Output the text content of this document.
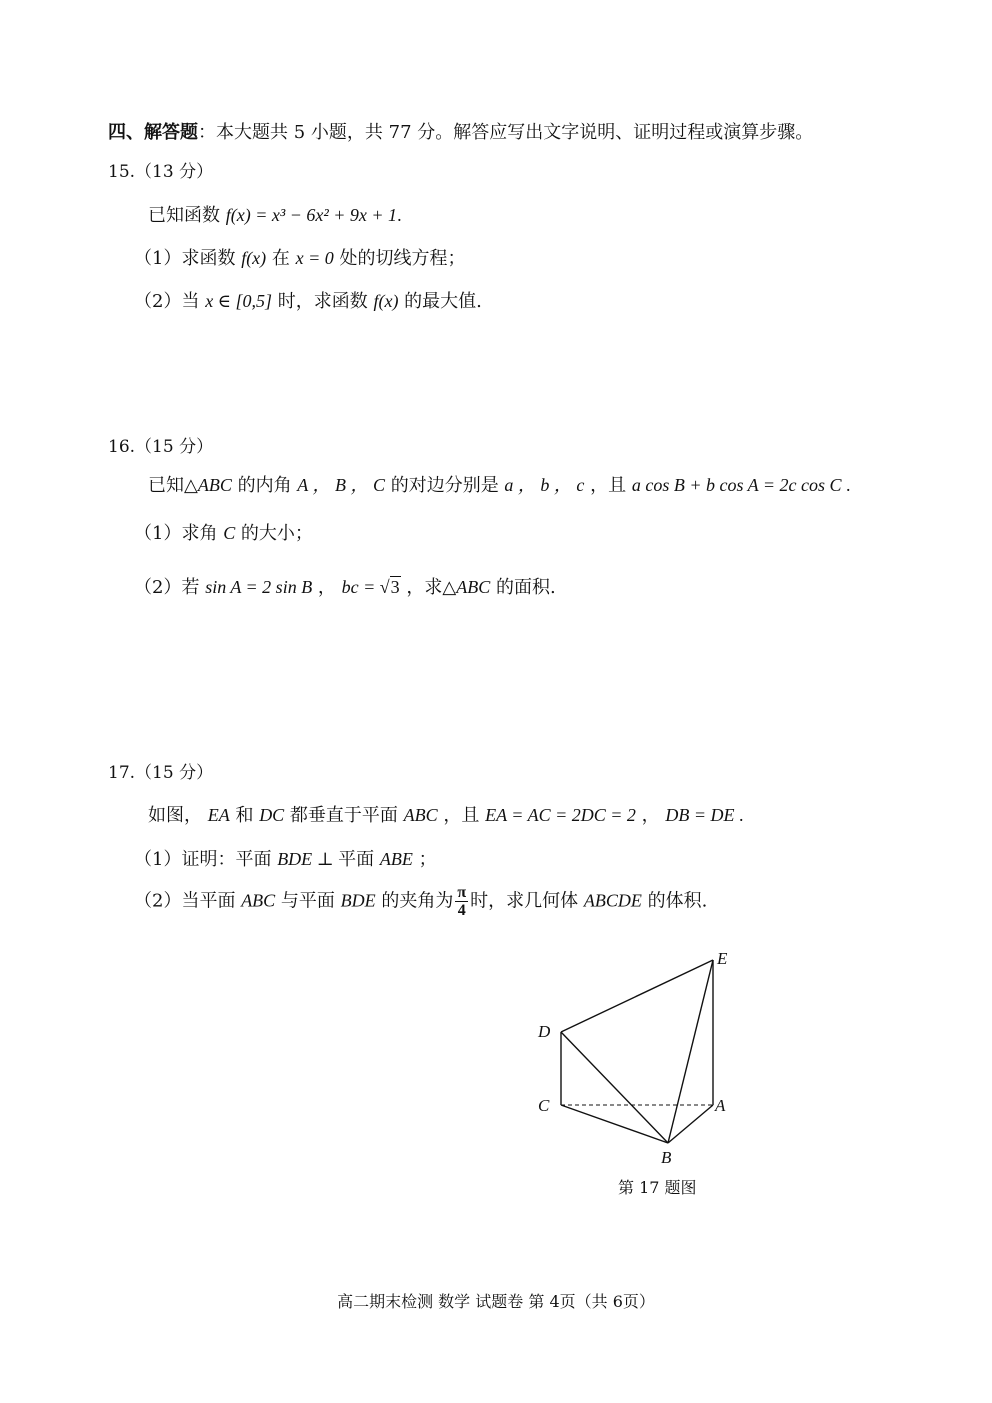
四、解答题：本大题共 5 小题，共 77 分。解答应写出文字说明、证明过程或演算步骤。
15.（13 分）
已知函数 f(x) = x³ − 6x² + 9x + 1.
（1）求函数 f(x) 在 x = 0 处的切线方程；
（2）当 x ∈ [0,5] 时，求函数 f(x) 的最大值.
16.（15 分）
已知△ABC 的内角 A ， B ， C 的对边分别是 a ， b ， c ，且 a cos B + b cos A = 2c cos C .
（1）求角 C 的大小；
（2）若 sin A = 2 sin B ， bc = √3 ，求△ABC 的面积.
17.（15 分）
如图， EA 和 DC 都垂直于平面 ABC ，且 EA = AC = 2DC = 2 ， DB = DE .
（1）证明：平面 BDE ⊥ 平面 ABE ；
（2）当平面 ABC 与平面 BDE 的夹角为 $\frac{\pi}{4}$ 时，求几何体 ABCDE 的体积.
E
D
C	A
B
第 17 题图
高二期末检测 数学 试题卷 第 4页（共 6页）
